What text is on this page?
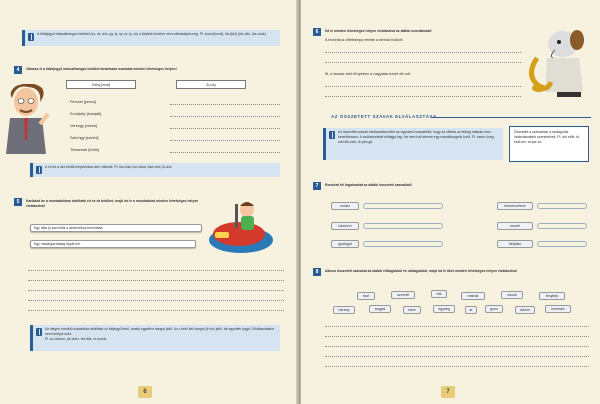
A többjegyű mássalhangzó betűket (cs, dz, dzs, gy, ly, ny, sz, ty, zs) a kiejtést követve nem változtatjuk meg. Pl. kocsi [kocsi], tűz [tűz] (tűz-oltó, tűz-csók)
4	Válassz el a többjegyű mássalhangzó betűket tartalmazó szavakat minden lehetséges helyen!
Zichy [zicsi]	Zi-chy
Percsei [percsi]
Komjáthy [komjáti]
Veresgy [veresi]
Széchgy [széchi]
Thewrewk [török]
A ch és a dzs betűk helyesírása nem változik. Pl. ba-char, bor-dzsa, ham-dzs, tü-dzs
5	Karikázd be a mondatokban található ch és dz betűket, majd írd le a mondatokat minden lehetséges helyen elválasztva!
Egy ritka jó szerzőtől a dzsentribus bemutatta.
Egy madárgazdaság lógott elő.
Az idegen eredetű szavakban található ch kétjegyű betű, amely egyetlen hangot jelöl. Az x betű két hangot (k+sz) jelöl, de egyetlen jegyű. Elválasztáskor nem bontjuk szét.
Pl. ar-chívum, pe-chez, tex-tilis, re-kurzió
6
6	Írd le minden lehetséges helyen elválasztva az alábbi mondatokat!
A technikus ötféleképp értette a kémiai trükköt.
Itt, a tavasz első fényében a nagytata ismét ott volt.
AZ ÖSSZETETT SZAVAK ELVÁLASZTÁSA
Az összetett szavak elválasztása eltér az egyszerű szavakétól, hogy az eltérés az előtag határán nem kevedhessen. A szóösszetétel előtagja tag. Ha nem hall elemre egy másalhangzók kívül. Pl. szem-üveg, mel-lék-szín, lé-pés-gö.
Összetett a szavakban a szótagolás határolásaként szerepelnek. Pl. dél-előtt, él-eszt-ker, at-pur-sz.
7	Rendezd fel fogalmakat az alábbi összetett szavakból!
csokiz	kemenceleve
háziszín	mezei
gyalogút	hétpisto
8	Alkoss összetett szavakat az alábbi előtagokból és utótagokból, majd írd le őket minden lehetséges helyen elválasztva!
tiszt	szerető	bál	matrak	iskola	fénykép
bárány	angyal	kávé	egység	ár	gumi	album	kevéske
7
